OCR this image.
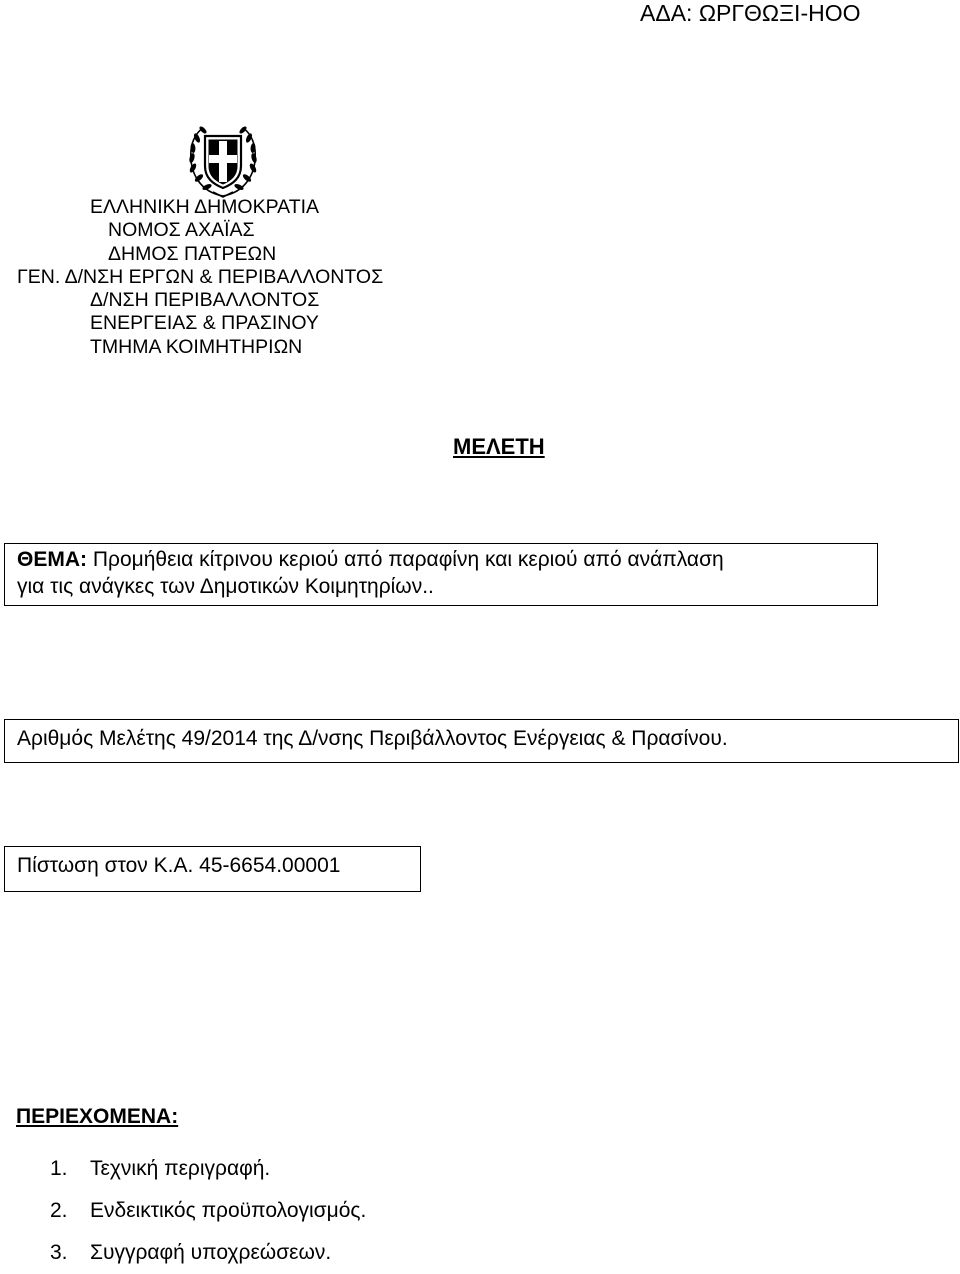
ΑΔΑ: ΩΡΓΘΩΞΙ-ΗΟΟ
ΕΛΛΗΝΙΚΗ ΔΗΜΟΚΡΑΤΙΑ
ΝΟΜΟΣ ΑΧΑΪΑΣ
ΔΗΜΟΣ ΠΑΤΡΕΩΝ
ΓΕΝ. Δ/ΝΣΗ ΕΡΓΩΝ & ΠΕΡΙΒΑΛΛΟΝΤΟΣ
Δ/ΝΣΗ ΠΕΡΙΒΑΛΛΟΝΤΟΣ
ΕΝΕΡΓΕΙΑΣ & ΠΡΑΣΙΝΟΥ
ΤΜΗΜΑ ΚΟΙΜΗΤΗΡΙΩΝ
ΜΕΛΕΤΗ
ΘΕΜΑ: Προμήθεια κίτρινου κεριού από παραφίνη και κεριού από ανάπλαση
για τις ανάγκες των Δημοτικών Κοιμητηρίων..
Αριθμός Μελέτης 49/2014 της Δ/νσης Περιβάλλοντος Ενέργειας & Πρασίνου.
Πίστωση στον Κ.Α. 45-6654.00001
ΠΕΡΙΕΧΟΜΕΝΑ:
1. Τεχνική περιγραφή.
2. Ενδεικτικός προϋπολογισμός.
3. Συγγραφή υποχρεώσεων.
